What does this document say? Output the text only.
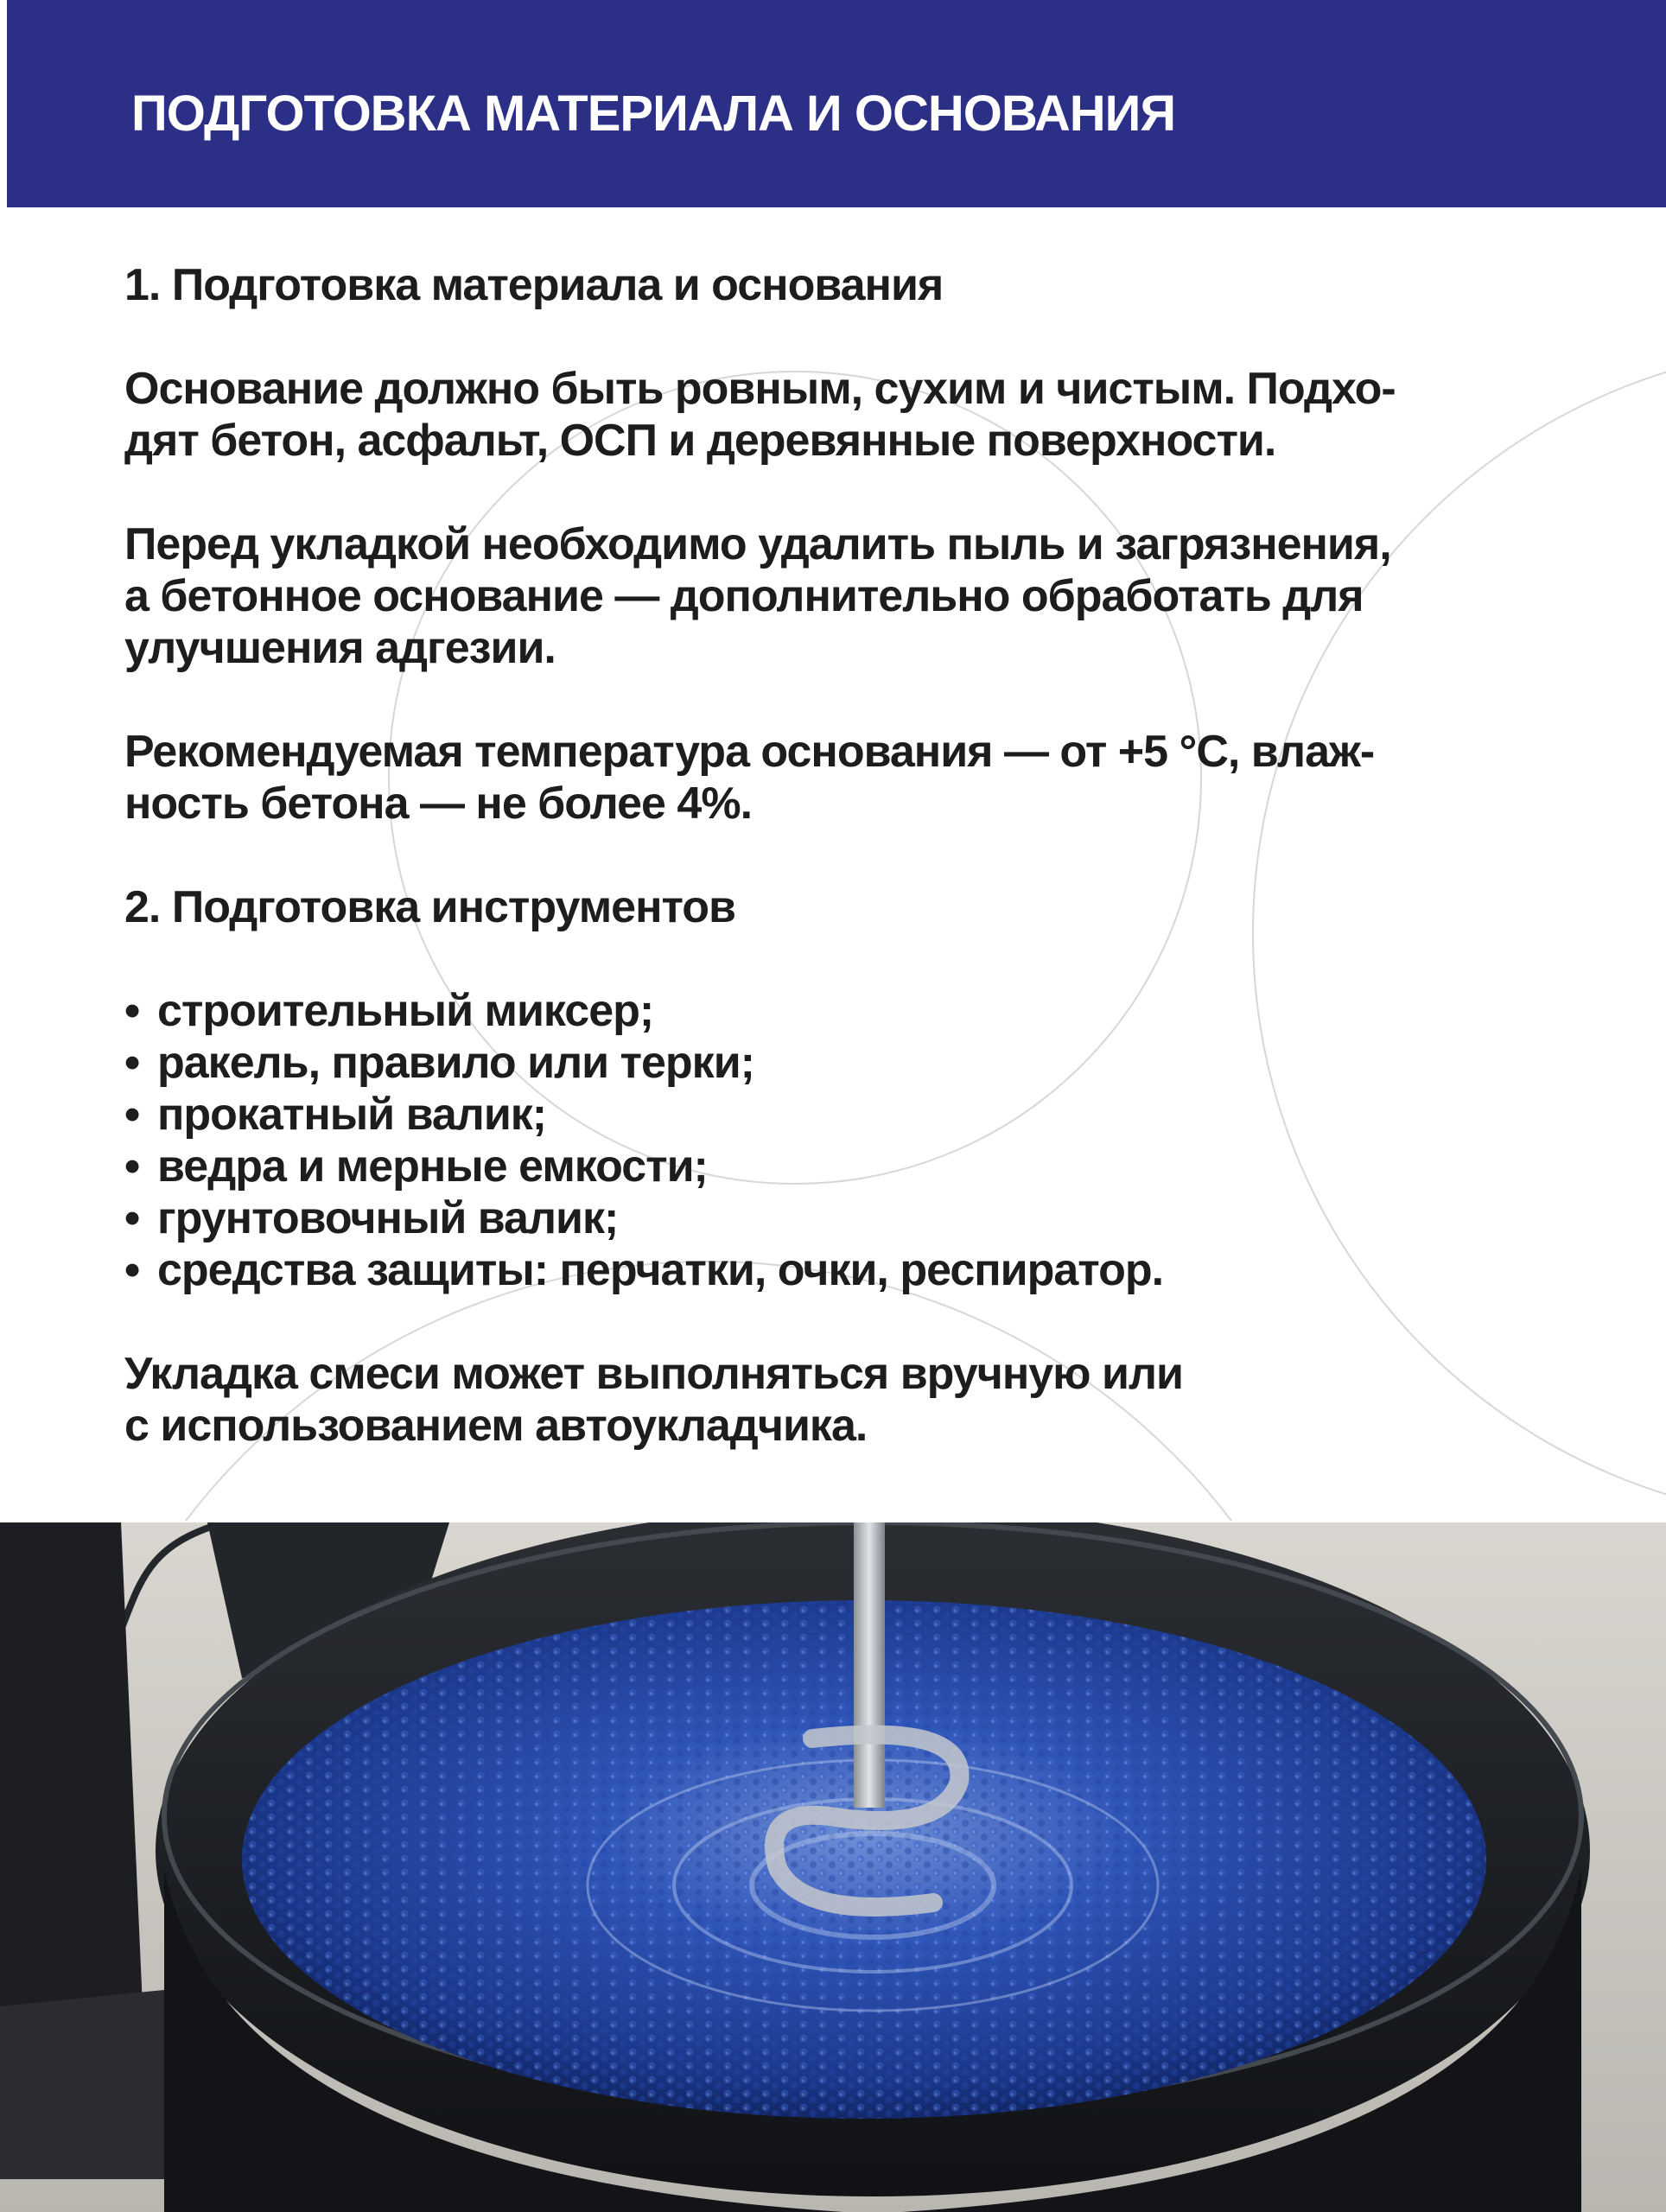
ПОДГОТОВКА МАТЕРИАЛА И ОСНОВАНИЯ

1. Подготовка материала и основания

Основание должно быть ровным, сухим и чистым. Подхо-
дят бетон, асфальт, ОСП и деревянные поверхности.

Перед укладкой необходимо удалить пыль и загрязнения,
а бетонное основание — дополнительно обработать для
улучшения адгезии.

Рекомендуемая температура основания — от +5 °С, влаж-
ность бетона — не более 4%.

2. Подготовка инструментов

• строительный миксер;
• ракель, правило или терки;
• прокатный валик;
• ведра и мерные емкости;
• грунтовочный валик;
• средства защиты: перчатки, очки, респиратор.

Укладка смеси может выполняться вручную или
с использованием автоукладчика.
